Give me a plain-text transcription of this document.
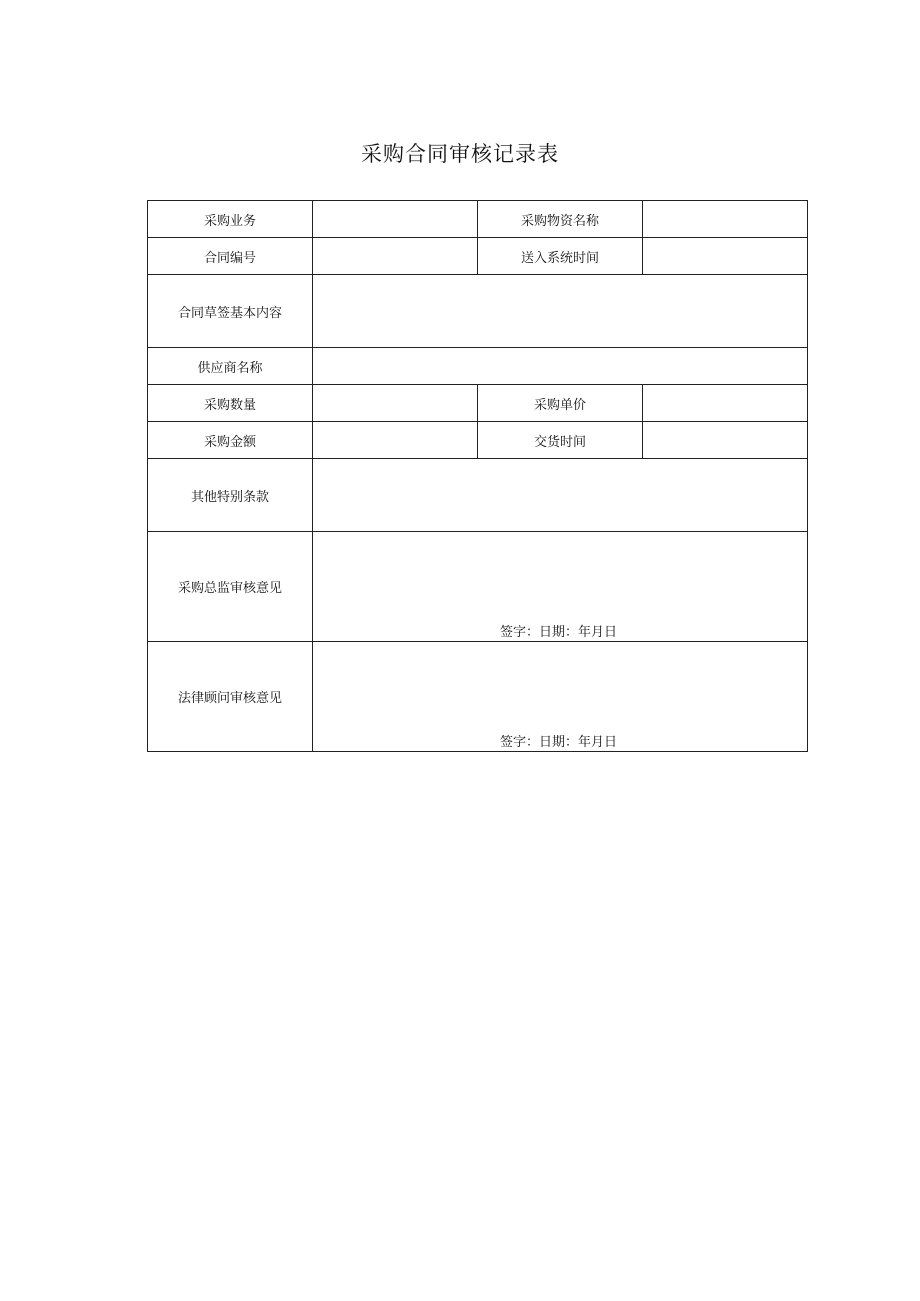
采购合同审核记录表
采购业务		采购物资名称	
合同编号		送入系统时间	
合同草签基本内容			
供应商名称			
采购数量		采购单价	
采购金额		交货时间	
其他特别条款			
采购总监审核意见	签字：日期：年月日		

法律顾问审核意见	签字：日期：年月日		
